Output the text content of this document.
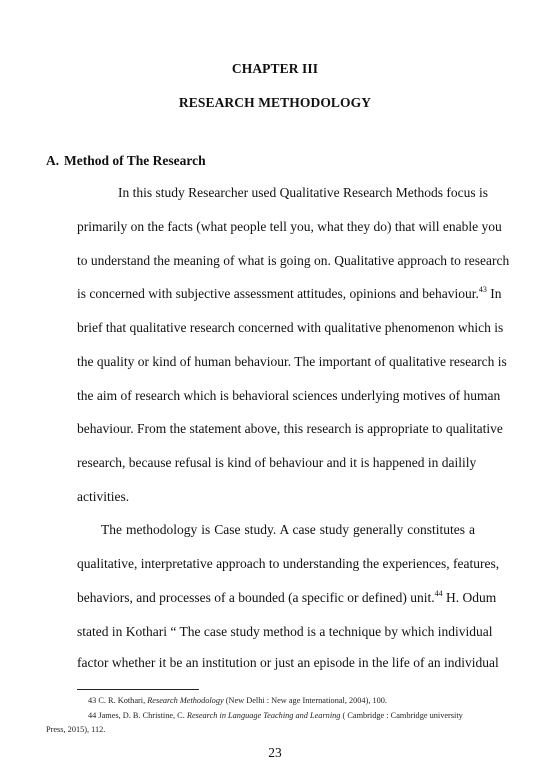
CHAPTER III
RESEARCH METHODOLOGY
A. Method of The Research
In this study Researcher used Qualitative Research Methods focus is
primarily on the facts (what people tell you, what they do) that will enable you
to understand the meaning of what is going on. Qualitative approach to research
is concerned with subjective assessment attitudes, opinions and behaviour.$^{43}$ In
brief that qualitative research concerned with qualitative phenomenon which is
the quality or kind of human behaviour. The important of qualitative research is
the aim of research which is behavioral sciences underlying motives of human
behaviour. From the statement above, this research is appropriate to qualitative
research, because refusal is kind of behaviour and it is happened in dailily
activities.
The methodology is Case study. A case study generally constitutes a
qualitative, interpretative approach to understanding the experiences, features,
behaviors, and processes of a bounded (a specific or defined) unit.$^{44}$ H. Odum
stated in Kothari “ The case study method is a technique by which individual
factor whether it be an institution or just an episode in the life of an individual
43 C. R. Kothari, Research Methodology (New Delhi : New age International, 2004), 100.
44 James, D. B. Christine, C. Research in Language Teaching and Learning ( Cambridge : Cambridge university
Press, 2015), 112.
23
